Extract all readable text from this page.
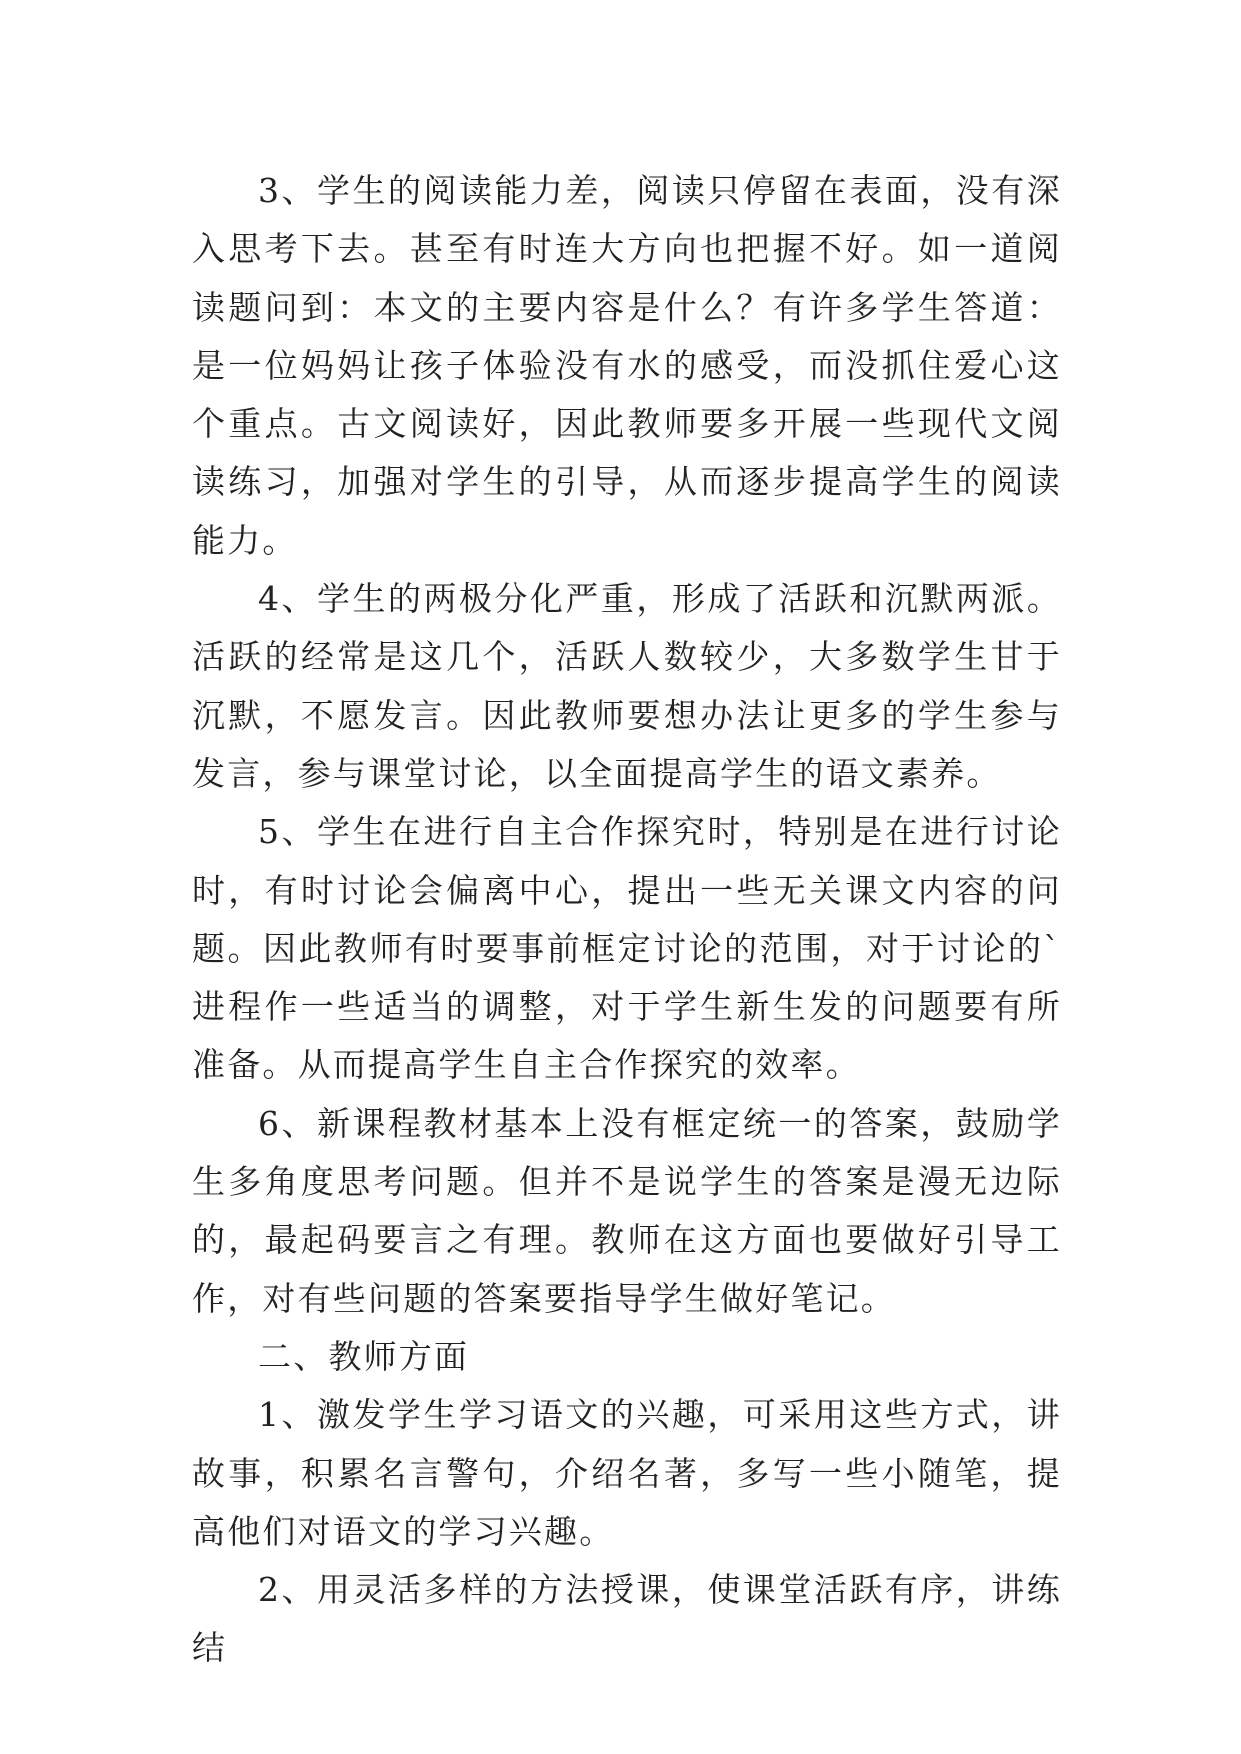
3、学生的阅读能力差，阅读只停留在表面，没有深入思考下去。甚至有时连大方向也把握不好。如一道阅读题问到：本文的主要内容是什么？有许多学生答道：是一位妈妈让孩子体验没有水的感受，而没抓住爱心这个重点。古文阅读好，因此教师要多开展一些现代文阅读练习，加强对学生的引导，从而逐步提高学生的阅读能力。

4、学生的两极分化严重，形成了活跃和沉默两派。活跃的经常是这几个，活跃人数较少，大多数学生甘于沉默，不愿发言。因此教师要想办法让更多的学生参与发言，参与课堂讨论，以全面提高学生的语文素养。

5、学生在进行自主合作探究时，特别是在进行讨论时，有时讨论会偏离中心，提出一些无关课文内容的问题。因此教师有时要事前框定讨论的范围，对于讨论的`进程作一些适当的调整，对于学生新生发的问题要有所准备。从而提高学生自主合作探究的效率。

6、新课程教材基本上没有框定统一的答案，鼓励学生多角度思考问题。但并不是说学生的答案是漫无边际的，最起码要言之有理。教师在这方面也要做好引导工作，对有些问题的答案要指导学生做好笔记。

二、教师方面

1、激发学生学习语文的兴趣，可采用这些方式，讲故事，积累名言警句，介绍名著，多写一些小随笔，提高他们对语文的学习兴趣。

2、用灵活多样的方法授课，使课堂活跃有序，讲练结
